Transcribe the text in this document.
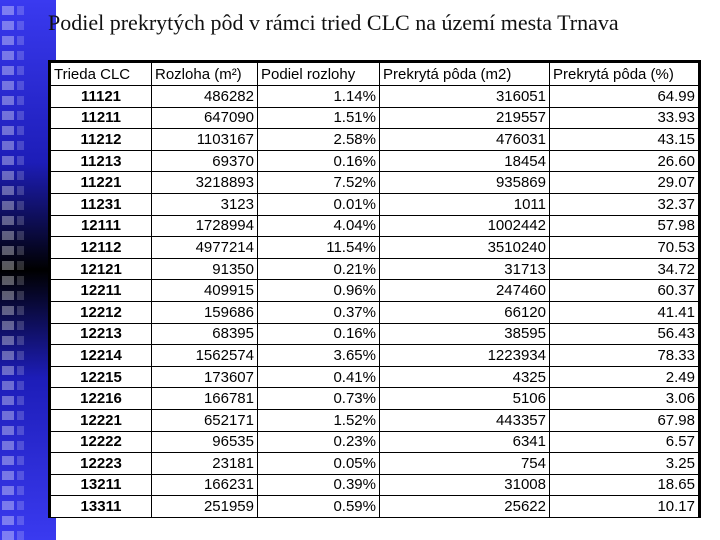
Podiel prekrytých pôd v rámci tried CLC na území mesta Trnava
Trieda CLC	Rozloha (m²)	Podiel rozlohy	Prekrytá pôda (m2)	Prekrytá pôda (%)
11121	486282	1.14%	316051	64.99
11211	647090	1.51%	219557	33.93
11212	1103167	2.58%	476031	43.15
11213	69370	0.16%	18454	26.60
11221	3218893	7.52%	935869	29.07
11231	3123	0.01%	1011	32.37
12111	1728994	4.04%	1002442	57.98
12112	4977214	11.54%	3510240	70.53
12121	91350	0.21%	31713	34.72
12211	409915	0.96%	247460	60.37
12212	159686	0.37%	66120	41.41
12213	68395	0.16%	38595	56.43
12214	1562574	3.65%	1223934	78.33
12215	173607	0.41%	4325	2.49
12216	166781	0.73%	5106	3.06
12221	652171	1.52%	443357	67.98
12222	96535	0.23%	6341	6.57
12223	23181	0.05%	754	3.25
13211	166231	0.39%	31008	18.65
13311	251959	0.59%	25622	10.17
